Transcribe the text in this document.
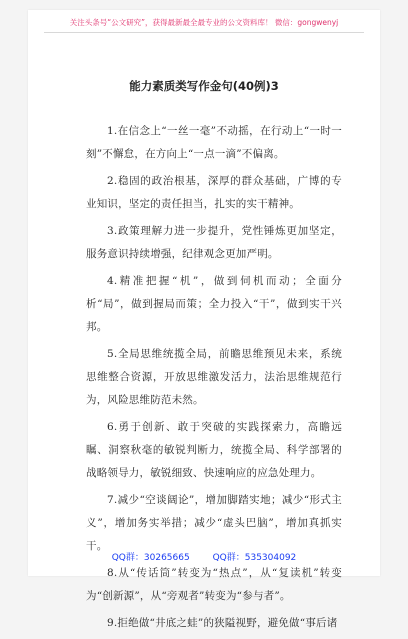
关注头条号“公文研究”，获得最新最全最专业的公文资料库！ 微信：gongwenyj
能力素质类写作金句(40例)3

1.在信念上“一丝一毫”不动摇，在行动上“一时一刻”不懈怠，在方向上“一点一滴”不偏离。

2.稳固的政治根基，深厚的群众基础，广博的专业知识，坚定的责任担当，扎实的实干精神。

3.政策理解力进一步提升，党性锤炼更加坚定，服务意识持续增强，纪律观念更加严明。

4.精准把握“机”，做到伺机而动；全面分析“局”，做到握局而策；全力投入“干”，做到实干兴邦。

5.全局思维统揽全局，前瞻思维预见未来，系统思维整合资源，开放思维激发活力，法治思维规范行为，风险思维防范未然。

6.勇于创新、敢于突破的实践探索力，高瞻远瞩、洞察秋毫的敏锐判断力，统揽全局、科学部署的战略领导力，敏锐细致、快速响应的应急处理力。

7.减少“空谈阔论”，增加脚踏实地；减少“形式主义”，增加务实举措；减少“虚头巴脑”，增加真抓实干。

8.从“传话筒”转变为“热点”，从“复读机”转变为“创新源”，从“旁观者”转变为“参与者”。

9.拒绝做“井底之蛙”的狭隘视野，避免做“事后诸

QQ群：30265665	QQ群：535304092
